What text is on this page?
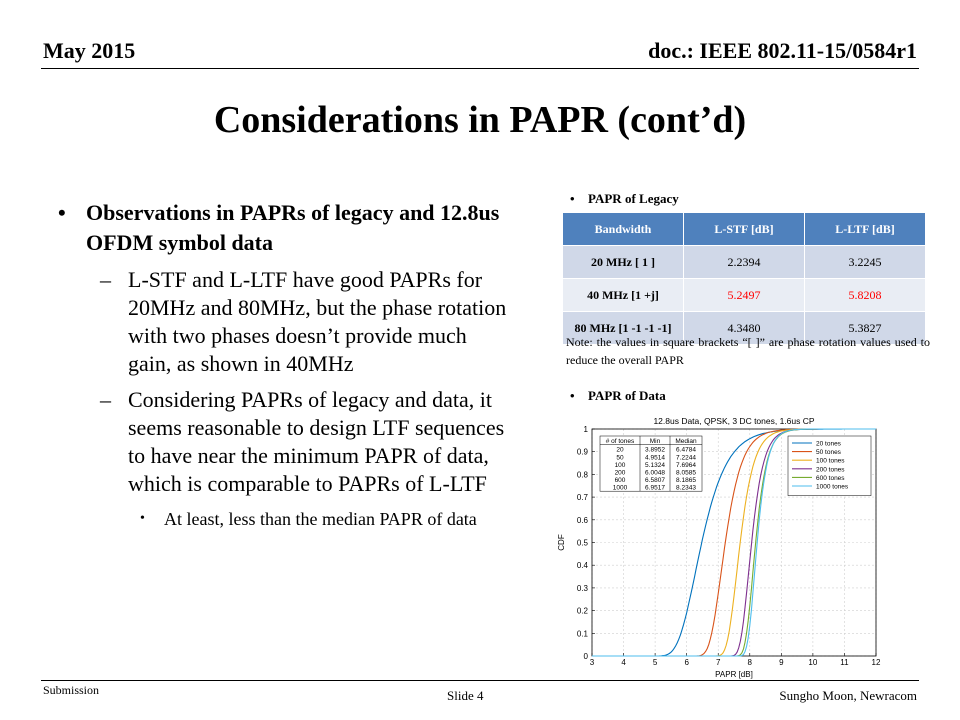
May 2015	doc.: IEEE 802.11-15/0584r1
Considerations in PAPR (cont’d)
• Observations in PAPRs of legacy and 12.8us OFDM symbol data
– L-STF and L-LTF have good PAPRs for 20MHz and 80MHz, but the phase rotation with two phases doesn’t provide much gain, as shown in 40MHz
– Considering PAPRs of legacy and data, it seems reasonable to design LTF sequences to have near the minimum PAPR of data, which is comparable to PAPRs of L-LTF
•	At least, less than the median PAPR of data
•	PAPR of Legacy
Bandwidth	L-STF [dB]	L-LTF [dB]
20 MHz [ 1 ]	2.2394	3.2245
40 MHz [1 +j]	5.2497	5.8208
80 MHz [1 -1 -1 -1]	4.3480	5.3827
Note: the values in square brackets “[ ]” are phase rotation values used to reduce the overall PAPR
•	PAPR of Data
3	4	5	6	7	8	9	10	11	12
0
0.1
0.2
0.3
0.4
0.5
0.6
0.7
0.8
0.9
1
12.8us Data, QPSK, 3 DC tones, 1.6us CP
PAPR [dB]
CDF
# of tones Min Median
20	3.8952 6.4784
50	4.9514 7.2244
100	5.1324 7.6964
200	6.0048 8.0585
600	6.5807 8.1865
1000	6.9517 8.2343
20 tones
50 tones
100 tones
200 tones
600 tones
1000 tones
Submission	Slide 4	Sungho Moon, Newracom
